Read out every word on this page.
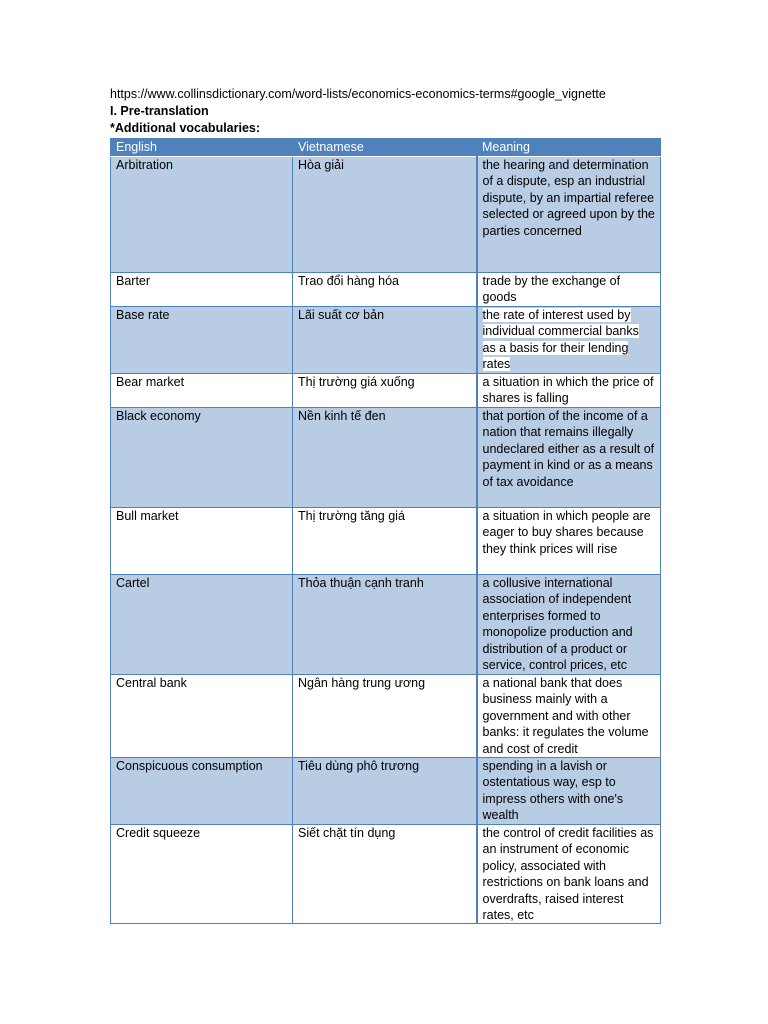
https://www.collinsdictionary.com/word-lists/economics-economics-terms#google_vignette
I. Pre-translation
*Additional vocabularies:
English	Vietnamese	Meaning
Arbitration	Hòa giải	the hearing and determination of a dispute, esp an industrial dispute, by an impartial referee selected or agreed upon by the parties concerned
Barter	Trao đổi hàng hóa	trade by the exchange of goods
Base rate	Lãi suất cơ bản	the rate of interest used by individual commercial banks as a basis for their lending rates
Bear market	Thị trường giá xuống	a situation in which the price of shares is falling
Black economy	Nền kinh tế đen	that portion of the income of a nation that remains illegally undeclared either as a result of payment in kind or as a means of tax avoidance
Bull market	Thị trường tăng giá	a situation in which people are eager to buy shares because they think prices will rise
Cartel	Thỏa thuận cạnh tranh	a collusive international association of independent enterprises formed to monopolize production and distribution of a product or service, control prices, etc
Central bank	Ngân hàng trung ương	a national bank that does business mainly with a government and with other banks: it regulates the volume and cost of credit
Conspicuous consumption	Tiêu dùng phô trương	spending in a lavish or ostentatious way, esp to impress others with one's wealth
Credit squeeze	Siết chặt tín dụng	the control of credit facilities as an instrument of economic policy, associated with restrictions on bank loans and overdrafts, raised interest rates, etc
